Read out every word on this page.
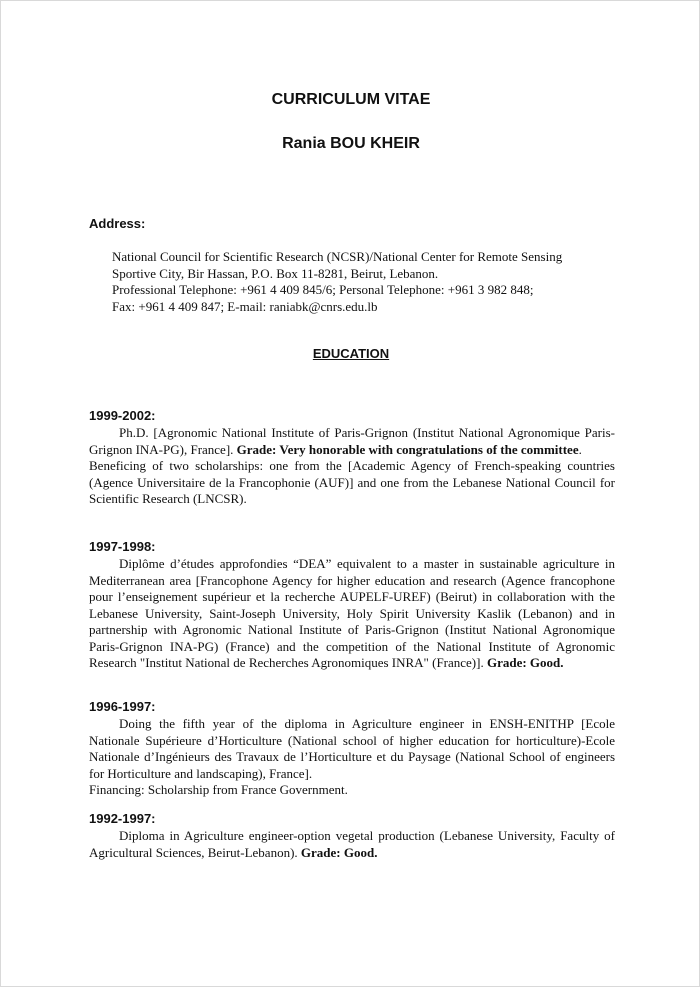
CURRICULUM VITAE
Rania BOU KHEIR
Address:
National Council for Scientific Research (NCSR)/National Center for Remote Sensing
Sportive City, Bir Hassan, P.O. Box 11-8281, Beirut, Lebanon.
Professional Telephone: +961 4 409 845/6; Personal Telephone: +961 3 982 848;
Fax: +961 4 409 847; E-mail: raniabk@cnrs.edu.lb
EDUCATION
1999-2002:

Ph.D. [Agronomic National Institute of Paris-Grignon (Institut National Agronomique Paris-Grignon INA-PG), France]. Grade: Very honorable with congratulations of the committee.

Beneficing of two scholarships: one from the [Academic Agency of French-speaking countries (Agence Universitaire de la Francophonie (AUF)] and one from the Lebanese National Council for Scientific Research (LNCSR).

1997-1998:

Diplôme d’études approfondies “DEA” equivalent to a master in sustainable agriculture in Mediterranean area [Francophone Agency for higher education and research (Agence francophone pour l’enseignement supérieur et la recherche AUPELF-UREF) (Beirut) in collaboration with the Lebanese University, Saint-Joseph University, Holy Spirit University Kaslik (Lebanon) and in partnership with Agronomic National Institute of Paris-Grignon (Institut National Agronomique Paris-Grignon INA-PG) (France) and the competition of the National Institute of Agronomic Research "Institut National de Recherches Agronomiques INRA" (France)]. Grade: Good.

1996-1997:

Doing the fifth year of the diploma in Agriculture engineer in ENSH-ENITHP [Ecole Nationale Supérieure d’Horticulture (National school of higher education for horticulture)-Ecole Nationale d’Ingénieurs des Travaux de l’Horticulture et du Paysage (National School of engineers for Horticulture and landscaping), France].

Financing: Scholarship from France Government.

1992-1997:

Diploma in Agriculture engineer-option vegetal production (Lebanese University, Faculty of Agricultural Sciences, Beirut-Lebanon). Grade: Good.
